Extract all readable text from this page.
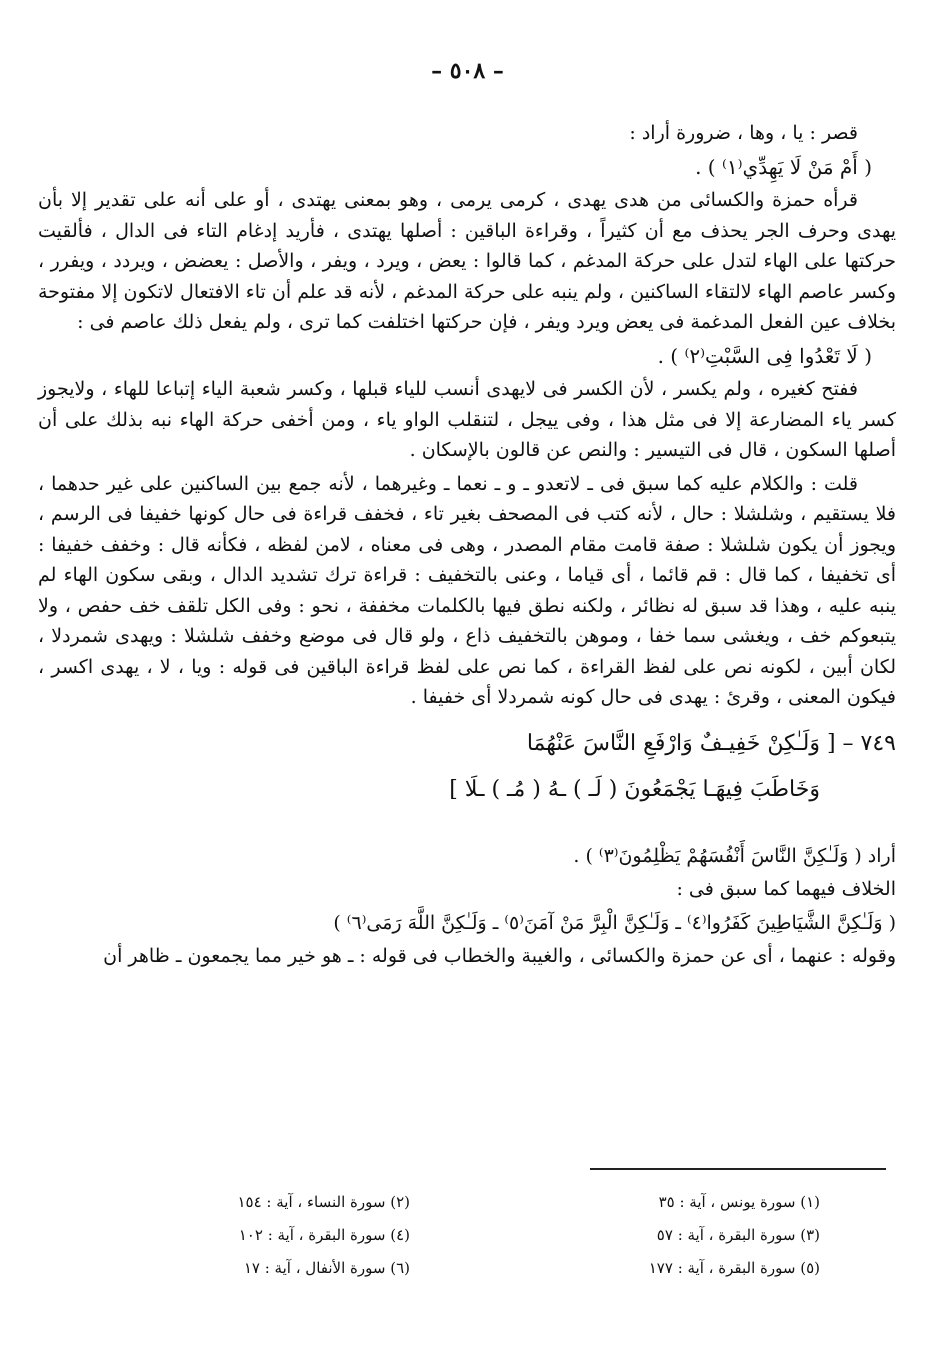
– ٥٠٨ –

قصر : يا ، وها ، ضرورة أراد :

( أَمْ مَنْ لَا يَهِدِّي⁽١⁾ ) .

قرأه حمزة والكسائى من هدى يهدى ، كرمى يرمى ، وهو بمعنى يهتدى ، أو على أنه على تقدير إلا بأن يهدى وحرف الجر يحذف مع أن كثيراً ، وقراءة الباقين : أصلها يهتدى ، فأريد إدغام التاء فى الدال ، فألقيت حركتها على الهاء لتدل على حركة المدغم ، كما قالوا : يعض ، ويرد ، ويفر ، والأصل : يعضض ، ويردد ، ويفرر ، وكسر عاصم الهاء لالتقاء الساكنين ، ولم ينبه على حركة المدغم ، لأنه قد علم أن تاء الافتعال لاتكون إلا مفتوحة بخلاف عين الفعل المدغمة فى يعض ويرد ويفر ، فإن حركتها اختلفت كما ترى ، ولم يفعل ذلك عاصم فى :

( لَا تَعْدُوا فِى السَّبْتِ⁽٢⁾ ) .

ففتح كغيره ، ولم يكسر ، لأن الكسر فى لايهدى أنسب للياء قبلها ، وكسر شعبة الياء إتباعا للهاء ، ولايجوز كسر ياء المضارعة إلا فى مثل هذا ، وفى ييجل ، لتنقلب الواو ياء ، ومن أخفى حركة الهاء نبه بذلك على أن أصلها السكون ، قال فى التيسير : والنص عن قالون بالإسكان .

قلت : والكلام عليه كما سبق فى ـ لاتعدو ـ و ـ نعما ـ وغيرهما ، لأنه جمع بين الساكنين على غير حدهما ، فلا يستقيم ، وشلشلا : حال ، لأنه كتب فى المصحف بغير تاء ، فخفف قراءة فى حال كونها خفيفا فى الرسم ، ويجوز أن يكون شلشلا : صفة قامت مقام المصدر ، وهى فى معناه ، لامن لفظه ، فكأنه قال : وخفف خفيفا : أى تخفيفا ، كما قال : قم قائما ، أى قياما ، وعنى بالتخفيف : قراءة ترك تشديد الدال ، وبقى سكون الهاء لم ينبه عليه ، وهذا قد سبق له نظائر ، ولكنه نطق فيها بالكلمات مخففة ، نحو : وفى الكل تلقف خف حفص ، ولا يتبعوكم خف ، ويغشى سما خفا ، وموهن بالتخفيف ذاع ، ولو قال فى موضع وخفف شلشلا : ويهدى شمردلا ، لكان أبين ، لكونه نص على لفظ القراءة ، كما نص على لفظ قراءة الباقين فى قوله : ويا ، لا ، يهدى اكسر ، فيكون المعنى ، وقرئ : يهدى فى حال كونه شمردلا أى خفيفا .

٧٤٩ – [ وَلَـٰكِنْ خَفِيـفٌ وَارْفَعِ النَّاسَ عَنْهُمَا
وَخَاطَبَ فِيهَـا يَجْمَعُونَ ( لَـ ) ـهُ ( مُـ ) ـلَا ]

أراد ( وَلَـٰكِنَّ النَّاسَ أَنْفُسَهُمْ يَظْلِمُونَ⁽٣⁾ ) .

الخلاف فيهما كما سبق فى :

( وَلَـٰكِنَّ الشَّيَاطِينَ كَفَرُوا⁽٤⁾ ـ وَلَـٰكِنَّ الْبِرَّ مَنْ آمَنَ⁽٥⁾ ـ وَلَـٰكِنَّ اللَّهَ رَمَى⁽٦⁾ )

وقوله : عنهما ، أى عن حمزة والكسائى ، والغيبة والخطاب فى قوله : ـ هو خير مما يجمعون ـ ظاهر أن

(١) سورة يونس ، آية : ٣٥
(٢) سورة النساء ، آية : ١٥٤
(٣) سورة البقرة ، آية : ٥٧
(٤) سورة البقرة ، آية : ١٠٢
(٥) سورة البقرة ، آية : ١٧٧
(٦) سورة الأنفال ، آية : ١٧
